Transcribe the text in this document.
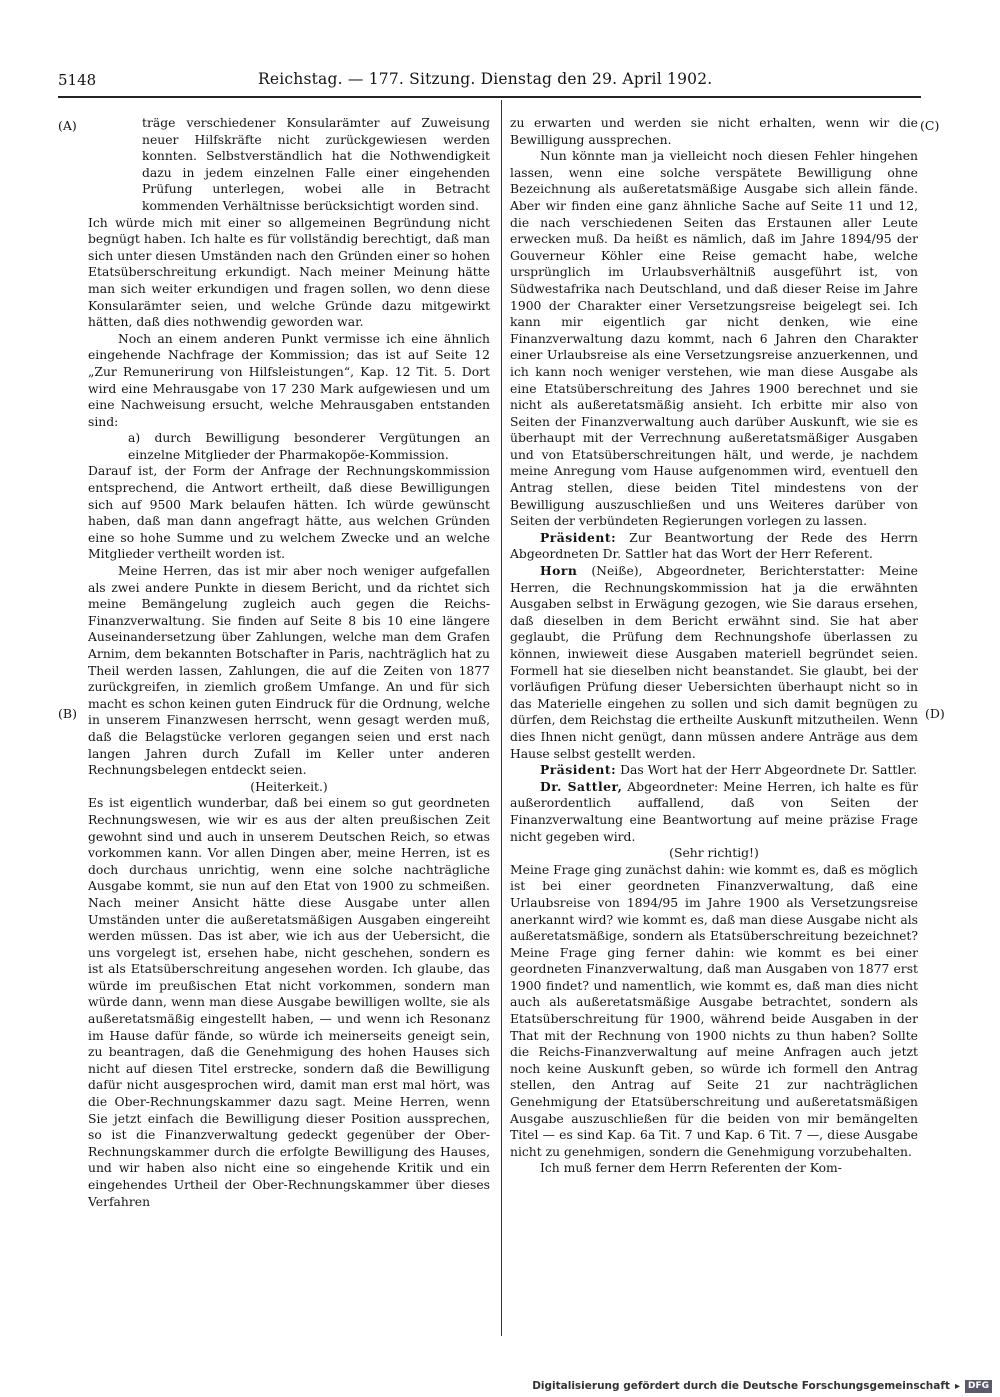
5148	Reichstag. — 177. Sitzung. Dienstag den 29. April 1902.
(A)
(B)
(C)
(D)

träge verschiedener Konsularämter auf Zuweisung neuer Hilfskräfte nicht zurückgewiesen werden konnten. Selbstverständlich hat die Nothwendigkeit dazu in jedem einzelnen Falle einer eingehenden Prüfung unterlegen, wobei alle in Betracht kommenden Verhältnisse berücksichtigt worden sind.

Ich würde mich mit einer so allgemeinen Begründung nicht begnügt haben. Ich halte es für vollständig berechtigt, daß man sich unter diesen Umständen nach den Gründen einer so hohen Etatsüberschreitung erkundigt. Nach meiner Meinung hätte man sich weiter erkundigen und fragen sollen, wo denn diese Konsularämter seien, und welche Gründe dazu mitgewirkt hätten, daß dies nothwendig geworden war.

Noch an einem anderen Punkt vermisse ich eine ähnlich eingehende Nachfrage der Kommission; das ist auf Seite 12 „Zur Remunerirung von Hilfsleistungen“, Kap. 12 Tit. 5. Dort wird eine Mehrausgabe von 17 230 Mark aufgewiesen und um eine Nachweisung ersucht, welche Mehrausgaben entstanden sind:

a) durch Bewilligung besonderer Vergütungen an einzelne Mitglieder der Pharmakopöe-Kommission.

Darauf ist, der Form der Anfrage der Rechnungskommission entsprechend, die Antwort ertheilt, daß diese Bewilligungen sich auf 9500 Mark belaufen hätten. Ich würde gewünscht haben, daß man dann angefragt hätte, aus welchen Gründen eine so hohe Summe und zu welchem Zwecke und an welche Mitglieder vertheilt worden ist.

Meine Herren, das ist mir aber noch weniger aufgefallen als zwei andere Punkte in diesem Bericht, und da richtet sich meine Bemängelung zugleich auch gegen die Reichs-Finanzverwaltung. Sie finden auf Seite 8 bis 10 eine längere Auseinandersetzung über Zahlungen, welche man dem Grafen Arnim, dem bekannten Botschafter in Paris, nachträglich hat zu Theil werden lassen, Zahlungen, die auf die Zeiten von 1877 zurückgreifen, in ziemlich großem Umfange. An und für sich macht es schon keinen guten Eindruck für die Ordnung, welche in unserem Finanzwesen herrscht, wenn gesagt werden muß, daß die Belagstücke verloren gegangen seien und erst nach langen Jahren durch Zufall im Keller unter anderen Rechnungsbelegen entdeckt seien.

(Heiterkeit.)

Es ist eigentlich wunderbar, daß bei einem so gut geordneten Rechnungswesen, wie wir es aus der alten preußischen Zeit gewohnt sind und auch in unserem Deutschen Reich, so etwas vorkommen kann. Vor allen Dingen aber, meine Herren, ist es doch durchaus unrichtig, wenn eine solche nachträgliche Ausgabe kommt, sie nun auf den Etat von 1900 zu schmeißen. Nach meiner Ansicht hätte diese Ausgabe unter allen Umständen unter die außeretatsmäßigen Ausgaben eingereiht werden müssen. Das ist aber, wie ich aus der Uebersicht, die uns vorgelegt ist, ersehen habe, nicht geschehen, sondern es ist als Etatsüberschreitung angesehen worden. Ich glaube, das würde im preußischen Etat nicht vorkommen, sondern man würde dann, wenn man diese Ausgabe bewilligen wollte, sie als außeretatsmäßig eingestellt haben, — und wenn ich Resonanz im Hause dafür fände, so würde ich meinerseits geneigt sein, zu beantragen, daß die Genehmigung des hohen Hauses sich nicht auf diesen Titel erstrecke, sondern daß die Bewilligung dafür nicht ausgesprochen wird, damit man erst mal hört, was die Ober-Rechnungskammer dazu sagt. Meine Herren, wenn Sie jetzt einfach die Bewilligung dieser Position aussprechen, so ist die Finanzverwaltung gedeckt gegenüber der Ober-Rechnungskammer durch die erfolgte Bewilligung des Hauses, und wir haben also nicht eine so eingehende Kritik und ein eingehendes Urtheil der Ober-Rechnungskammer über dieses Verfahren

zu erwarten und werden sie nicht erhalten, wenn wir die Bewilligung aussprechen.

Nun könnte man ja vielleicht noch diesen Fehler hingehen lassen, wenn eine solche verspätete Bewilligung ohne Bezeichnung als außeretatsmäßige Ausgabe sich allein fände. Aber wir finden eine ganz ähnliche Sache auf Seite 11 und 12, die nach verschiedenen Seiten das Erstaunen aller Leute erwecken muß. Da heißt es nämlich, daß im Jahre 1894/95 der Gouverneur Köhler eine Reise gemacht habe, welche ursprünglich im Urlaubsverhältniß ausgeführt ist, von Südwestafrika nach Deutschland, und daß dieser Reise im Jahre 1900 der Charakter einer Versetzungsreise beigelegt sei. Ich kann mir eigentlich gar nicht denken, wie eine Finanzverwaltung dazu kommt, nach 6 Jahren den Charakter einer Urlaubsreise als eine Versetzungsreise anzuerkennen, und ich kann noch weniger verstehen, wie man diese Ausgabe als eine Etatsüberschreitung des Jahres 1900 berechnet und sie nicht als außeretatsmäßig ansieht. Ich erbitte mir also von Seiten der Finanzverwaltung auch darüber Auskunft, wie sie es überhaupt mit der Verrechnung außeretatsmäßiger Ausgaben und von Etatsüberschreitungen hält, und werde, je nachdem meine Anregung vom Hause aufgenommen wird, eventuell den Antrag stellen, diese beiden Titel mindestens von der Bewilligung auszuschließen und uns Weiteres darüber von Seiten der verbündeten Regierungen vorlegen zu lassen.

Präsident: Zur Beantwortung der Rede des Herrn Abgeordneten Dr. Sattler hat das Wort der Herr Referent.

Horn (Neiße), Abgeordneter, Berichterstatter: Meine Herren, die Rechnungskommission hat ja die erwähnten Ausgaben selbst in Erwägung gezogen, wie Sie daraus ersehen, daß dieselben in dem Bericht erwähnt sind. Sie hat aber geglaubt, die Prüfung dem Rechnungshofe überlassen zu können, inwieweit diese Ausgaben materiell begründet seien. Formell hat sie dieselben nicht beanstandet. Sie glaubt, bei der vorläufigen Prüfung dieser Uebersichten überhaupt nicht so in das Materielle eingehen zu sollen und sich damit begnügen zu dürfen, dem Reichstag die ertheilte Auskunft mitzutheilen. Wenn dies Ihnen nicht genügt, dann müssen andere Anträge aus dem Hause selbst gestellt werden.

Präsident: Das Wort hat der Herr Abgeordnete Dr. Sattler.

Dr. Sattler, Abgeordneter: Meine Herren, ich halte es für außerordentlich auffallend, daß von Seiten der Finanzverwaltung eine Beantwortung auf meine präzise Frage nicht gegeben wird.

(Sehr richtig!)

Meine Frage ging zunächst dahin: wie kommt es, daß es möglich ist bei einer geordneten Finanzverwaltung, daß eine Urlaubsreise von 1894/95 im Jahre 1900 als Versetzungsreise anerkannt wird? wie kommt es, daß man diese Ausgabe nicht als außeretatsmäßige, sondern als Etatsüberschreitung bezeichnet? Meine Frage ging ferner dahin: wie kommt es bei einer geordneten Finanzverwaltung, daß man Ausgaben von 1877 erst 1900 findet? und namentlich, wie kommt es, daß man dies nicht auch als außeretatsmäßige Ausgabe betrachtet, sondern als Etatsüberschreitung für 1900, während beide Ausgaben in der That mit der Rechnung von 1900 nichts zu thun haben? Sollte die Reichs-Finanzverwaltung auf meine Anfragen auch jetzt noch keine Auskunft geben, so würde ich formell den Antrag stellen, den Antrag auf Seite 21 zur nachträglichen Genehmigung der Etatsüberschreitung und außeretatsmäßigen Ausgabe auszuschließen für die beiden von mir bemängelten Titel — es sind Kap. 6a Tit. 7 und Kap. 6 Tit. 7 —, diese Ausgabe nicht zu genehmigen, sondern die Genehmigung vorzubehalten.

Ich muß ferner dem Herrn Referenten der Kom-

Digitalisierung gefördert durch die Deutsche Forschungsgemeinschaft ▸ DFG
